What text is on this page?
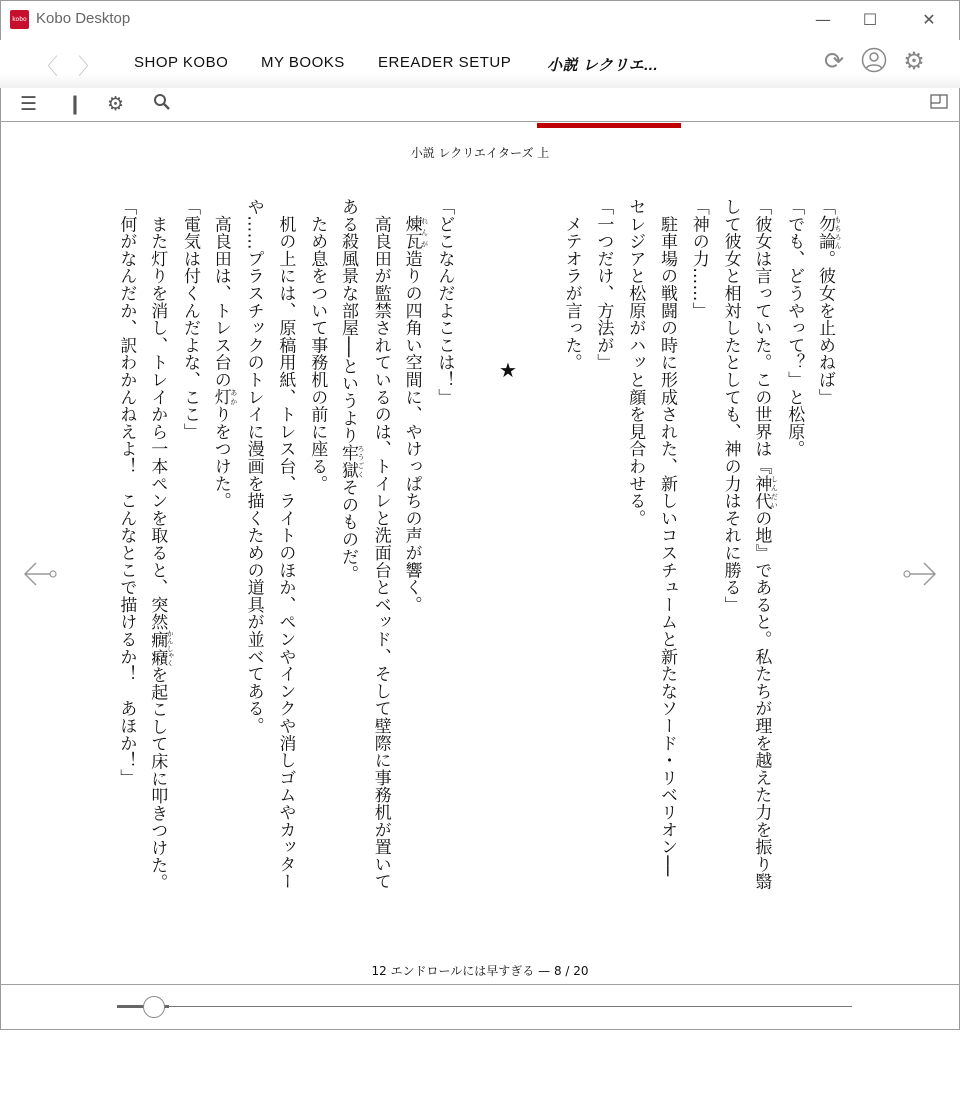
kobo Kobo Desktop	—	☐	✕
〈 〉 SHOP KOBO MY BOOKS EREADER SETUP 小説 レクリエ...	⟳ ⚙
☰ ❙ ⚙
小説 レクリエイターズ 上
「勿論 もちろん。彼女を止めねば」
「でも、どうやって？」と松原。
「彼女は言っていた。この世界は『神代 しんだいの地』であると。私たちが理を越えた力を振り翳
して彼女と相対したとしても、神の力はそれに勝る」
「神の力……」
　駐車場の戦闘の時に形成された、新しいコスチュームと新たなソード・リベリオン──
セレジアと松原がハッと顔を見合わせる。
「一つだけ、方法が」
　メテオラが言った。
★
「どこなんだよここは！」
　煉瓦 れんが造りの四角い空間に、やけっぱちの声が響く。
　高良田が監禁されているのは、トイレと洗面台とベッド、そして壁際に事務机が置いて
ある殺風景な部屋──というより牢獄 ろうごくそのものだ。
　ため息をついて事務机の前に座る。
　机の上には、原稿用紙、トレス台、ライトのほか、ペンやインクや消しゴムやカッター
や……プラスチックのトレイに漫画を描くための道具が並べてある。
　高良田は、トレス台の灯 あかりをつけた。
「電気は付くんだよな、ここ」
　また灯りを消し、トレイから一本ペンを取ると、突然癇癪 かんしゃくを起こして床に叩きつけた。
「何がなんだか、訳わかんねえよ！　こんなとこで描けるか！　あほか！」
12 エンドロールには早すぎる — 8 / 20
